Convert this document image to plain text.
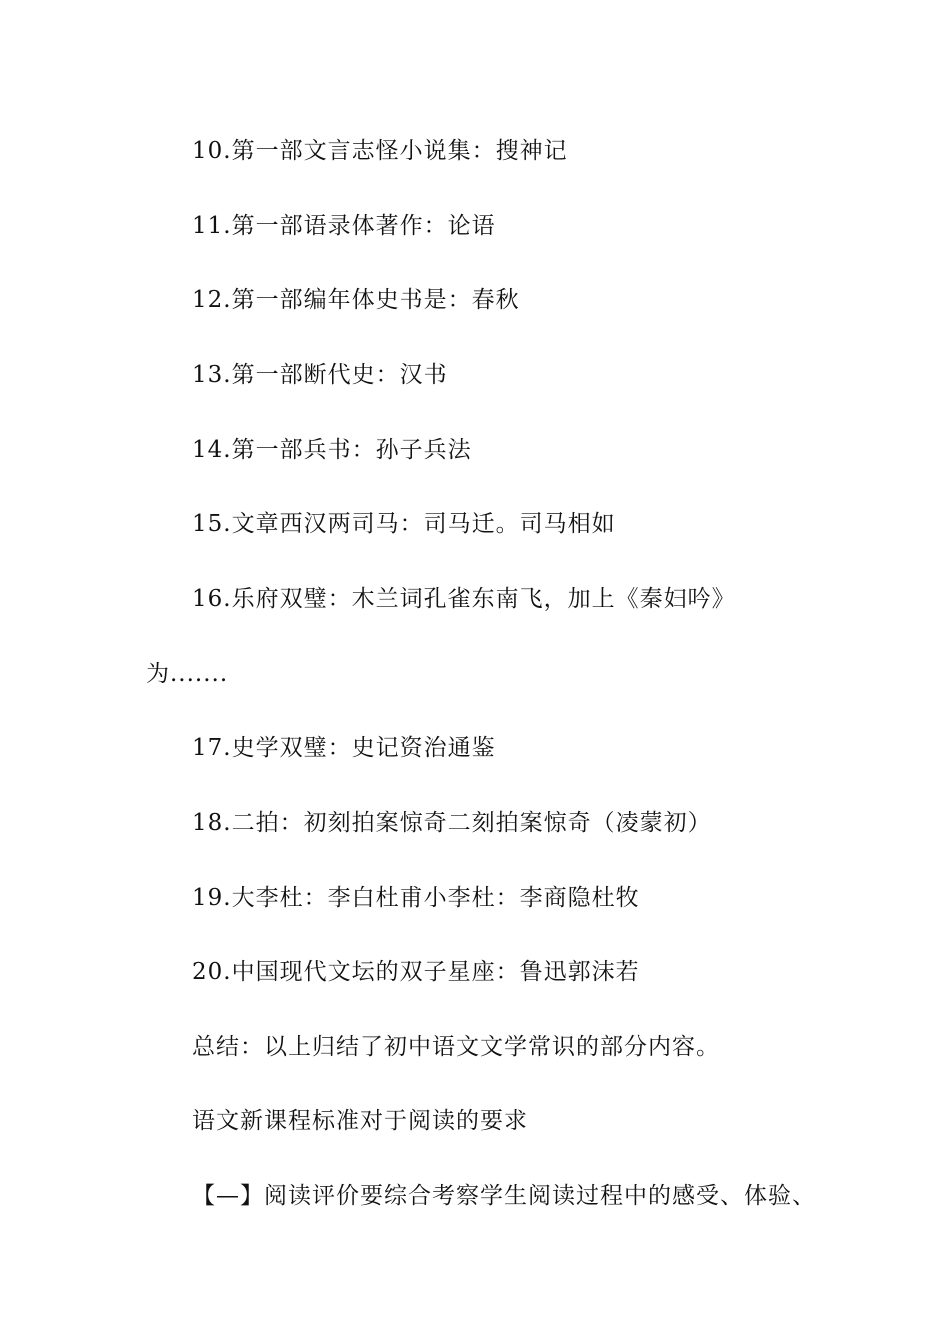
10.第一部文言志怪小说集：搜神记
11.第一部语录体著作：论语
12.第一部编年体史书是：春秋
13.第一部断代史：汉书
14.第一部兵书：孙子兵法
15.文章西汉两司马：司马迁。司马相如
16.乐府双璧：木兰词孔雀东南飞，加上《秦妇吟》
为.......
17.史学双璧：史记资治通鉴
18.二拍：初刻拍案惊奇二刻拍案惊奇（凌蒙初）
19.大李杜：李白杜甫小李杜：李商隐杜牧
20.中国现代文坛的双子星座：鲁迅郭沫若
总结：以上归结了初中语文文学常识的部分内容。
语文新课程标准对于阅读的要求
【—】阅读评价要综合考察学生阅读过程中的感受、体验、
